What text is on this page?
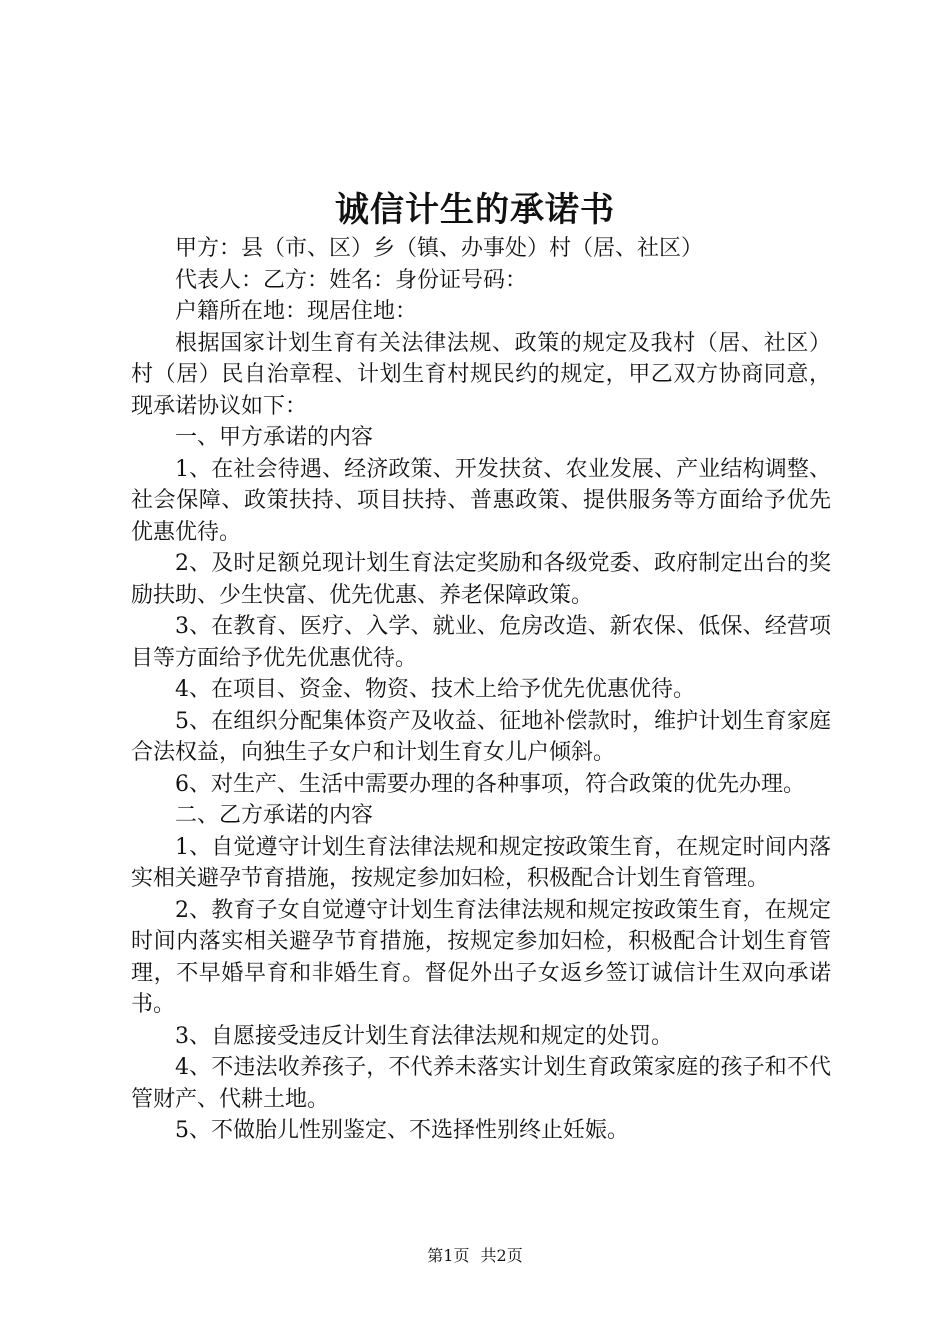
诚信计生的承诺书

甲方：县（市、区）乡（镇、办事处）村（居、社区）

代表人：乙方：姓名：身份证号码：

户籍所在地：现居住地：

根据国家计划生育有关法律法规、政策的规定及我村（居、社区）村（居）民自治章程、计划生育村规民约的规定，甲乙双方协商同意，现承诺协议如下：

一、甲方承诺的内容

1、在社会待遇、经济政策、开发扶贫、农业发展、产业结构调整、社会保障、政策扶持、项目扶持、普惠政策、提供服务等方面给予优先优惠优待。

2、及时足额兑现计划生育法定奖励和各级党委、政府制定出台的奖励扶助、少生快富、优先优惠、养老保障政策。

3、在教育、医疗、入学、就业、危房改造、新农保、低保、经营项目等方面给予优先优惠优待。

4、在项目、资金、物资、技术上给予优先优惠优待。

5、在组织分配集体资产及收益、征地补偿款时，维护计划生育家庭合法权益，向独生子女户和计划生育女儿户倾斜。

6、对生产、生活中需要办理的各种事项，符合政策的优先办理。

二、乙方承诺的内容

1、自觉遵守计划生育法律法规和规定按政策生育，在规定时间内落实相关避孕节育措施，按规定参加妇检，积极配合计划生育管理。

2、教育子女自觉遵守计划生育法律法规和规定按政策生育，在规定时间内落实相关避孕节育措施，按规定参加妇检，积极配合计划生育管理，不早婚早育和非婚生育。督促外出子女返乡签订诚信计生双向承诺书。

3、自愿接受违反计划生育法律法规和规定的处罚。

4、不违法收养孩子，不代养未落实计划生育政策家庭的孩子和不代管财产、代耕土地。

5、不做胎儿性别鉴定、不选择性别终止妊娠。

第1页 共2页
